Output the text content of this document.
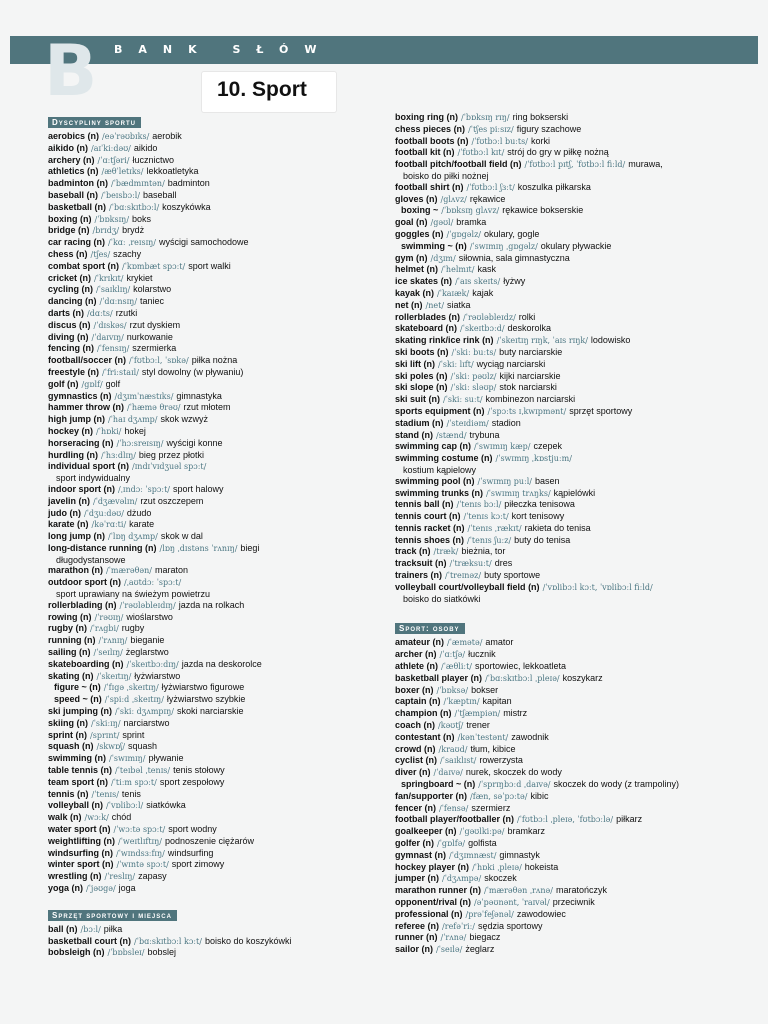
B BANK SŁÓW
10. Sport
Dyscypliny sportu
aerobics (n) /eəˈrəʊbɪks/ aerobik
aikido (n) /aɪˈkiːdəʊ/ aikido
archery (n) /ˈɑːtʃəri/ łucznictwo
athletics (n) /æθˈletɪks/ lekkoatletyka
badminton (n) /ˈbædmɪntən/ badminton
baseball (n) /ˈbeɪsbɔːl/ baseball
basketball (n) /ˈbɑːskɪtbɔːl/ koszykówka
boxing (n) /ˈbɒksɪŋ/ boks
bridge (n) /brɪdʒ/ brydż
car racing (n) /ˈkɑː ˌreɪsɪŋ/ wyścigi samochodowe
chess (n) /tʃes/ szachy
combat sport (n) /ˈkɒmbæt spɔːt/ sport walki
cricket (n) /ˈkrɪkɪt/ krykiet
cycling (n) /ˈsaɪklɪŋ/ kolarstwo
dancing (n) /ˈdɑːnsɪŋ/ taniec
darts (n) /dɑːts/ rzutki
discus (n) /ˈdɪskəs/ rzut dyskiem
diving (n) /ˈdaɪvɪŋ/ nurkowanie
fencing (n) /ˈfensɪŋ/ szermierka
football/soccer (n) /ˈfʊtbɔːl, ˈsɒkə/ piłka nożna
freestyle (n) /ˈfriːstaɪl/ styl dowolny (w pływaniu)
golf (n) /gɒlf/ golf
gymnastics (n) /dʒɪmˈnæstɪks/ gimnastyka
hammer throw (n) /ˈhæmə θrəʊ/ rzut młotem
high jump (n) /ˈhaɪ dʒʌmp/ skok wzwyż
hockey (n) /ˈhɒki/ hokej
horseracing (n) /ˈhɔːsreɪsɪŋ/ wyścigi konne
hurdling (n) /ˈhɜːdlɪŋ/ bieg przez płotki
individual sport (n) /ɪndɪˈvɪdʒuəl spɔːt/
sport indywidualny
indoor sport (n) /ˌɪndɔː ˈspɔːt/ sport halowy
javelin (n) /ˈdʒævəlɪn/ rzut oszczepem
judo (n) /ˈdʒuːdəʊ/ dżudo
karate (n) /kəˈrɑːti/ karate
long jump (n) /ˈlɒŋ dʒʌmp/ skok w dal
long-distance running (n) /lɒŋ ˌdɪstəns ˈrʌnɪŋ/ biegi
długodystansowe
marathon (n) /ˈmærəθən/ maraton
outdoor sport (n) /ˌaʊtdɔː ˈspɔːt/
sport uprawiany na świeżym powietrzu
rollerblading (n) /ˈrəʊləbleɪdɪŋ/ jazda na rolkach
rowing (n) /ˈrəʊɪŋ/ wioślarstwo
rugby (n) /ˈrʌgbi/ rugby
running (n) /ˈrʌnɪŋ/ bieganie
sailing (n) /ˈseɪlɪŋ/ żeglarstwo
skateboarding (n) /ˈskeɪtbɔːdɪŋ/ jazda na deskorolce
skating (n) /ˈskeɪtɪŋ/ łyżwiarstwo
figure ~ (n) /ˈfɪgə ˌskeɪtɪŋ/ łyżwiarstwo figurowe
speed ~ (n) /ˈspiːd ˌskeɪtɪŋ/ łyżwiarstwo szybkie
ski jumping (n) /ˈskiː dʒʌmpɪŋ/ skoki narciarskie
skiing (n) /ˈskiːɪŋ/ narciarstwo
sprint (n) /sprɪnt/ sprint
squash (n) /skwɒʃ/ squash
swimming (n) /ˈswɪmɪŋ/ pływanie
table tennis (n) /ˈteɪbəl ˌtenɪs/ tenis stołowy
team sport (n) /ˈtiːm spɔːt/ sport zespołowy
tennis (n) /ˈtenɪs/ tenis
volleyball (n) /ˈvɒlibɔːl/ siatkówka
walk (n) /wɔːk/ chód
water sport (n) /ˈwɔːtə spɔːt/ sport wodny
weightlifting (n) /ˈweɪtlɪftɪŋ/ podnoszenie ciężarów
windsurfing (n) /ˈwɪndsɜːfɪŋ/ windsurfing
winter sport (n) /ˈwɪntə spɔːt/ sport zimowy
wrestling (n) /ˈreslɪŋ/ zapasy
yoga (n) /ˈjəʊgə/ joga
Sprzęt sportowy i miejsca
ball (n) /bɔːl/ piłka
basketball court (n) /ˈbɑːskɪtbɔːl kɔːt/ boisko do koszykówki
bobsleigh (n) /ˈbɒbsleɪ/ bobslej
boxing ring (n) /ˈbɒksɪŋ rɪŋ/ ring bokserski
chess pieces (n) /ˈtʃes piːsɪz/ figury szachowe
football boots (n) /ˈfʊtbɔːl buːts/ korki
football kit (n) /ˈfʊtbɔːl kɪt/ strój do gry w piłkę nożną
football pitch/football field (n) /ˈfʊtbɔːl pɪtʃ, ˈfʊtbɔːl fiːld/ murawa,
boisko do piłki nożnej
football shirt (n) /ˈfʊtbɔːl ʃɜːt/ koszulka piłkarska
gloves (n) /glʌvz/ rękawice
boxing ~ /ˈbɒksɪŋ glʌvz/ rękawice bokserskie
goal (n) /gəʊl/ bramka
goggles (n) /ˈgɒgəlz/ okulary, gogle
swimming ~ (n) /ˈswɪmɪŋ ˌgɒgəlz/ okulary pływackie
gym (n) /dʒɪm/ siłownia, sala gimnastyczna
helmet (n) /ˈhelmɪt/ kask
ice skates (n) /ˈaɪs skeɪts/ łyżwy
kayak (n) /ˈkaɪæk/ kajak
net (n) /net/ siatka
rollerblades (n) /ˈrəʊləbleɪdz/ rolki
skateboard (n) /ˈskeɪtbɔːd/ deskorolka
skating rink/ice rink (n) /ˈskeɪtɪŋ rɪŋk, ˈaɪs rɪŋk/ lodowisko
ski boots (n) /ˈskiː buːts/ buty narciarskie
ski lift (n) /ˈskiː lɪft/ wyciąg narciarski
ski poles (n) /ˈskiː pəʊlz/ kijki narciarskie
ski slope (n) /ˈskiː sləʊp/ stok narciarski
ski suit (n) /ˈskiː suːt/ kombinezon narciarski
sports equipment (n) /ˈspɔːts ɪˌkwɪpmənt/ sprzęt sportowy
stadium (n) /ˈsteɪdiəm/ stadion
stand (n) /stænd/ trybuna
swimming cap (n) /ˈswɪmɪŋ kæp/ czepek
swimming costume (n) /ˈswɪmɪŋ ˌkɒstjuːm/
kostium kąpielowy
swimming pool (n) /ˈswɪmɪŋ puːl/ basen
swimming trunks (n) /ˈswɪmɪŋ trʌŋks/ kąpielówki
tennis ball (n) /ˈtenɪs bɔːl/ piłeczka tenisowa
tennis court (n) /ˈtenɪs kɔːt/ kort tenisowy
tennis racket (n) /ˈtenɪs ˌrækɪt/ rakieta do tenisa
tennis shoes (n) /ˈtenɪs ʃuːz/ buty do tenisa
track (n) /træk/ bieżnia, tor
tracksuit (n) /ˈtræksuːt/ dres
trainers (n) /ˈtreɪnəz/ buty sportowe
volleyball court/volleyball field (n) /ˈvɒlibɔːl kɔːt, ˈvɒlibɔːl fiːld/
boisko do siatkówki
Sport: osoby
amateur (n) /ˈæmətə/ amator
archer (n) /ˈɑːtʃə/ łucznik
athlete (n) /ˈæθliːt/ sportowiec, lekkoatleta
basketball player (n) /ˈbɑːskɪtbɔːl ˌpleɪə/ koszykarz
boxer (n) /ˈbɒksə/ bokser
captain (n) /ˈkæptɪn/ kapitan
champion (n) /ˈtʃæmpiən/ mistrz
coach (n) /kəʊtʃ/ trener
contestant (n) /kənˈtestənt/ zawodnik
crowd (n) /kraʊd/ tłum, kibice
cyclist (n) /ˈsaɪklɪst/ rowerzysta
diver (n) /ˈdaɪvə/ nurek, skoczek do wody
springboard ~ (n) /ˈsprɪŋbɔːd ˌdaɪvə/ skoczek do wody (z trampoliny)
fan/supporter (n) /fæn, səˈpɔːtə/ kibic
fencer (n) /ˈfensə/ szermierz
football player/footballer (n) /ˈfʊtbɔːl ˌpleɪə, ˈfʊtbɔːlə/ piłkarz
goalkeeper (n) /ˈgəʊlkiːpə/ bramkarz
golfer (n) /ˈgɒlfə/ golfista
gymnast (n) /ˈdʒɪmnæst/ gimnastyk
hockey player (n) /ˈhɒki ˌpleɪə/ hokeista
jumper (n) /ˈdʒʌmpə/ skoczek
marathon runner (n) /ˈmærəθən ˌrʌnə/ maratończyk
opponent/rival (n) /əˈpəʊnənt, ˈraɪvəl/ przeciwnik
professional (n) /prəˈfeʃənəl/ zawodowiec
referee (n) /refəˈriː/ sędzia sportowy
runner (n) /ˈrʌnə/ biegacz
sailor (n) /ˈseɪlə/ żeglarz
